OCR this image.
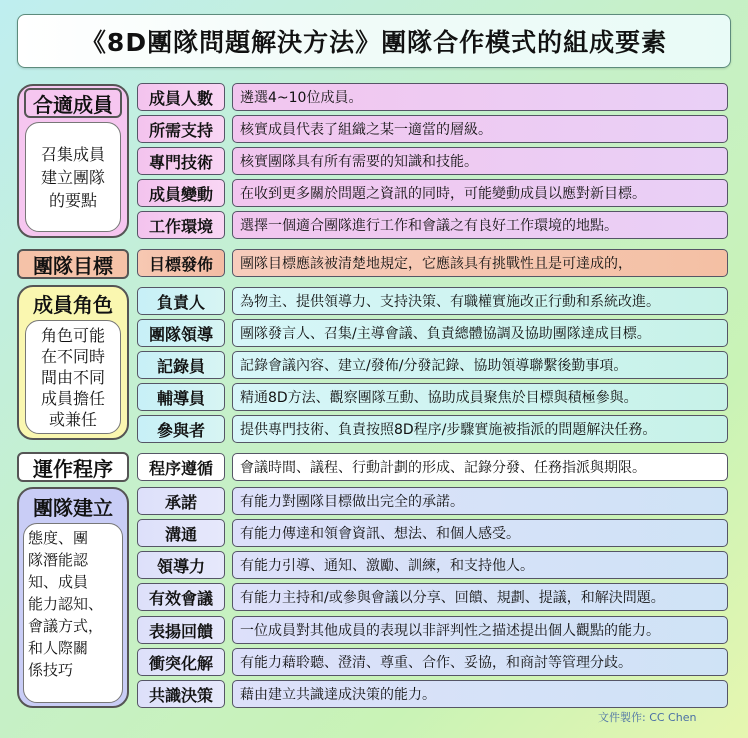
《8D團隊問題解決方法》團隊合作模式的組成要素
合適成員
召集成員
建立團隊
的要點
團隊目標
成員角色
角色可能
在不同時
間由不同
成員擔任
或兼任
運作程序
團隊建立
態度、團
隊潛能認
知、成員
能力認知、
會議方式，
和人際關
係技巧
成員人數	遴選4~10位成員。
所需支持	核實成員代表了組織之某一適當的層級。
專門技術	核實團隊具有所有需要的知識和技能。
成員變動	在收到更多關於問題之資訊的同時，可能變動成員以應對新目標。
工作環境	選擇一個適合團隊進行工作和會議之有良好工作環境的地點。
目標發佈	團隊目標應該被清楚地規定，它應該具有挑戰性且是可達成的，
負責人	為物主、提供領導力、支持決策、有職權實施改正行動和系統改進。
團隊領導	團隊發言人、召集/主導會議、負責總體協調及協助團隊達成目標。
記錄員	記錄會議內容、建立/發佈/分發記錄、協助領導聯繫後勤事項。
輔導員	精通8D方法、觀察團隊互動、協助成員聚焦於目標與積極參與。
參與者	提供專門技術、負責按照8D程序/步驟實施被指派的問題解決任務。
程序遵循	會議時間、議程、行動計劃的形成、記錄分發、任務指派與期限。
承諾	有能力對團隊目標做出完全的承諾。
溝通	有能力傳達和領會資訊、想法、和個人感受。
領導力	有能力引導、通知、激勵、訓練，和支持他人。
有效會議	有能力主持和/或參與會議以分享、回饋、規劃、提議，和解決問題。
表揚回饋	一位成員對其他成員的表現以非評判性之描述提出個人觀點的能力。
衝突化解	有能力藉聆聽、澄清、尊重、合作、妥協，和商討等管理分歧。
共識決策	藉由建立共識達成決策的能力。
文件製作: CC Chen
